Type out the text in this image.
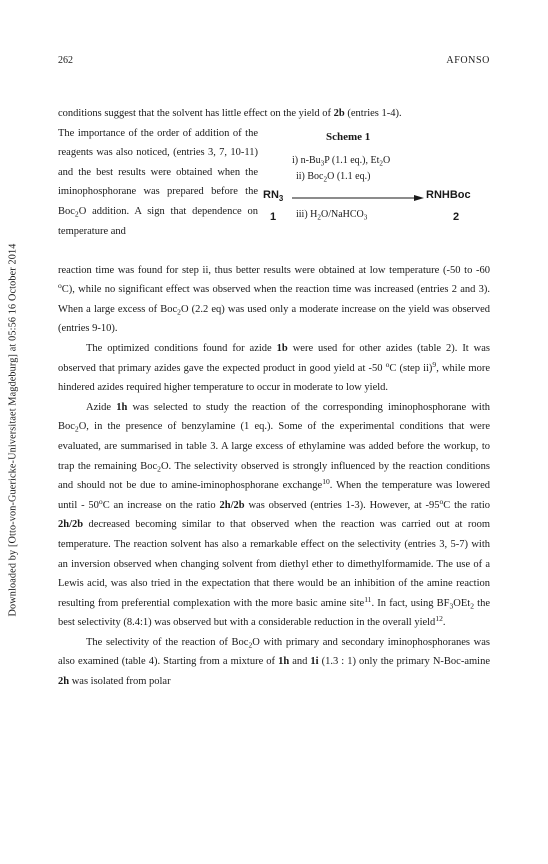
Downloaded by [Otto-von-Guericke-Universitaet Magdeburg] at 05:56 16 October 2014
262	AFONSO

conditions suggest that the solvent has little effect on the yield of 2b (entries 1-4).

The importance of the order of addition of the reagents was also noticed, (entries 3, 7, 10-11) and the best results were obtained when the iminophosphorane was prepared before the Boc$_2$O addition. A sign that dependence on temperature and

Scheme 1
i) $n-Bu_3P$ (1.1 eq.), $Et_2O$
ii) Boc$_2$O (1.1 eq.)
$RN_3$	RNHBoc
1 iii) $H_2O/NaHCO_3$	2

reaction time was found for step ii, thus better results were obtained at low temperature (-50 to -60 $^o$C), while no significant effect was observed when the reaction time was increased (entries 2 and 3). When a large excess of Boc$_2$O (2.2 eq) was used only a moderate increase on the yield was observed (entries 9-10).

The optimized conditions found for azide 1b were used for other azides (table 2). It was observed that primary azides gave the expected product in good yield at -50 $^o$C (step ii)$^9$, while more hindered azides required higher temperature to occur in moderate to low yield.

Azide 1h was selected to study the reaction of the corresponding iminophosphorane with Boc$_2$O, in the presence of benzylamine (1 eq.). Some of the experimental conditions that were evaluated, are summarised in table 3. A large excess of ethylamine was added before the workup, to trap the remaining Boc$_2$O. The selectivity observed is strongly influenced by the reaction conditions and should not be due to amine-iminophosphorane exchange$^{10}$. When the temperature was lowered until - 50$^o$C an increase on the ratio 2h/2b was observed (entries 1-3). However, at -95$^o$C the ratio 2h/2b decreased becoming similar to that observed when the reaction was carried out at room temperature. The reaction solvent has also a remarkable effect on the selectivity (entries 3, 5-7) with an inversion observed when changing solvent from diethyl ether to dimethylformamide. The use of a Lewis acid, was also tried in the expectation that there would be an inhibition of the amine reaction resulting from preferential complexation with the more basic amine site$^{11}$. In fact, using $BF_3OEt_2$ the best selectivity (8.4:1) was observed but with a considerable reduction in the overall yield$^{12}$.

The selectivity of the reaction of Boc$_2$O with primary and secondary iminophosphoranes was also examined (table 4). Starting from a mixture of 1h and 1i (1.3 : 1) only the primary N-Boc-amine 2h was isolated from polar
